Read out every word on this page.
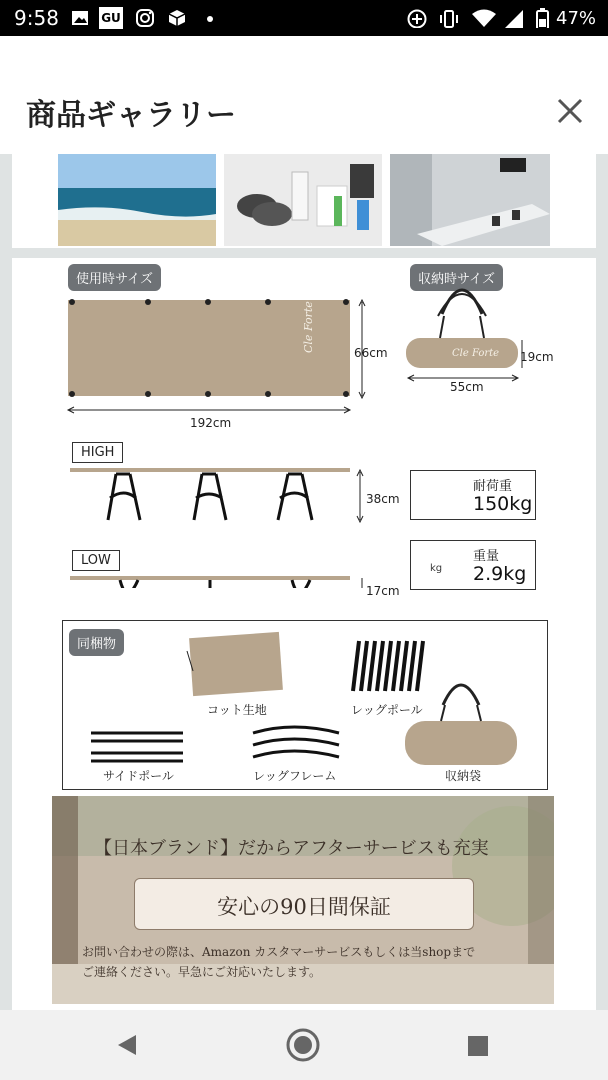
9:58	GU	47%
商品ギャラリー
使用時サイズ	収納時サイズ
Cle Forte
Cle Forte
66cm
192cm
19cm
55cm
HIGH
38cm
kg
耐荷重
150kg
LOW
17cm
kg
重量
2.9kg
同梱物
コット生地	レッグポール
サイドポール	レッグフレーム	収納袋
【日本ブランド】だからアフターサービスも充実
安心の90日間保証
お問い合わせの際は、Amazon カスタマーサービスもしくは当shopまで
ご連絡ください。早急にご対応いたします。
